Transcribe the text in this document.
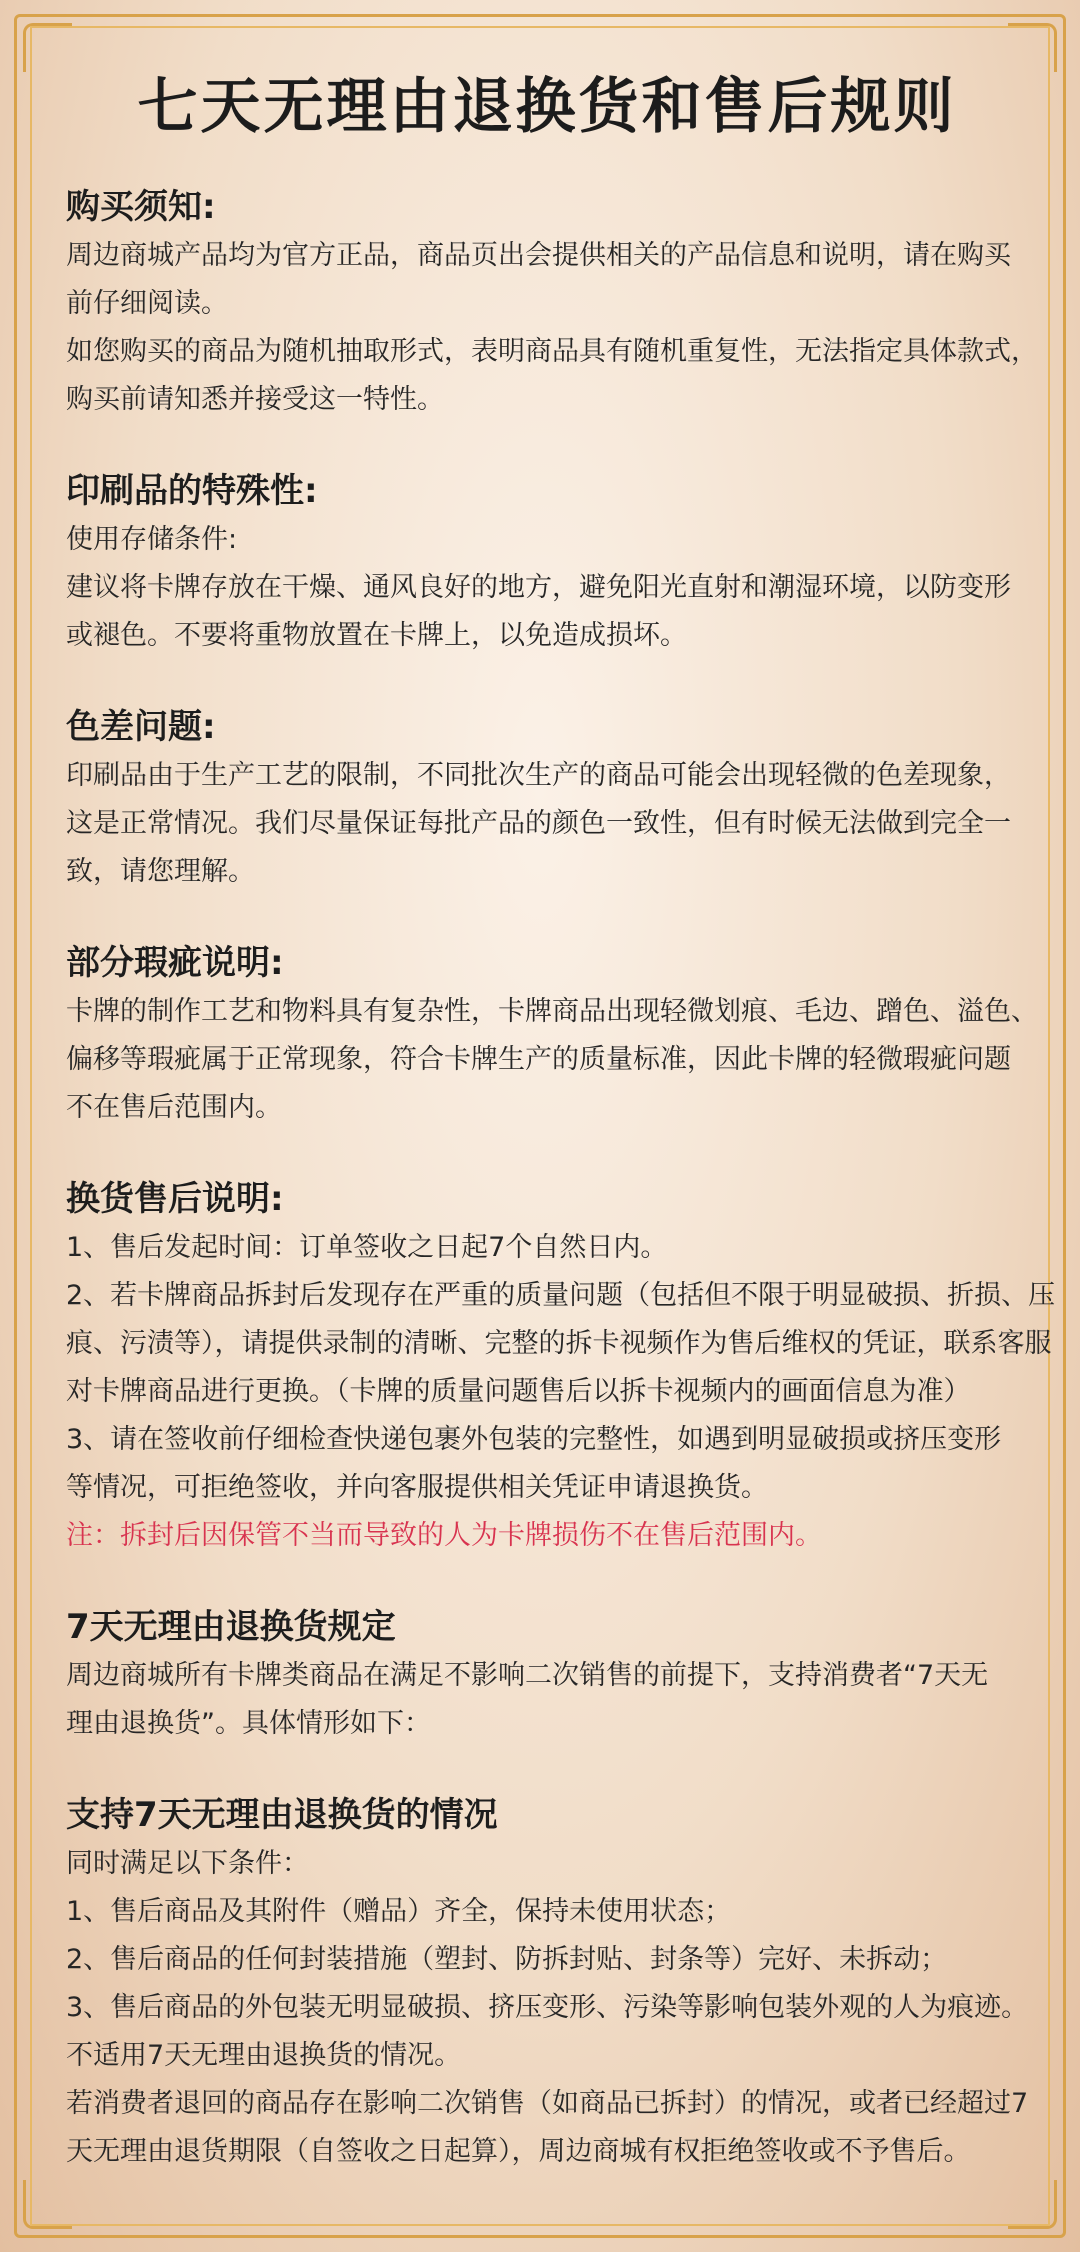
七天无理由退换货和售后规则
购买须知:
周边商城产品均为官方正品，商品页出会提供相关的产品信息和说明，请在购买
前仔细阅读。
如您购买的商品为随机抽取形式，表明商品具有随机重复性，无法指定具体款式，
购买前请知悉并接受这一特性。
印刷品的特殊性:
使用存储条件:
建议将卡牌存放在干燥、通风良好的地方，避免阳光直射和潮湿环境，以防变形
或褪色。不要将重物放置在卡牌上，以免造成损坏。
色差问题:
印刷品由于生产工艺的限制，不同批次生产的商品可能会出现轻微的色差现象，
这是正常情况。我们尽量保证每批产品的颜色一致性，但有时候无法做到完全一
致，请您理解。
部分瑕疵说明:
卡牌的制作工艺和物料具有复杂性，卡牌商品出现轻微划痕、毛边、蹭色、溢色、
偏移等瑕疵属于正常现象，符合卡牌生产的质量标准，因此卡牌的轻微瑕疵问题
不在售后范围内。
换货售后说明:
1、售后发起时间：订单签收之日起7个自然日内。
2、若卡牌商品拆封后发现存在严重的质量问题（包括但不限于明显破损、折损、压
痕、污渍等），请提供录制的清晰、完整的拆卡视频作为售后维权的凭证，联系客服
对卡牌商品进行更换。（卡牌的质量问题售后以拆卡视频内的画面信息为准）
3、请在签收前仔细检查快递包裹外包装的完整性，如遇到明显破损或挤压变形
等情况，可拒绝签收，并向客服提供相关凭证申请退换货。
注：拆封后因保管不当而导致的人为卡牌损伤不在售后范围内。
7天无理由退换货规定
周边商城所有卡牌类商品在满足不影响二次销售的前提下，支持消费者“7天无
理由退换货”。具体情形如下：
支持7天无理由退换货的情况
同时满足以下条件：
1、售后商品及其附件（赠品）齐全，保持未使用状态；
2、售后商品的任何封装措施（塑封、防拆封贴、封条等）完好、未拆动；
3、售后商品的外包装无明显破损、挤压变形、污染等影响包装外观的人为痕迹。
不适用7天无理由退换货的情况。
若消费者退回的商品存在影响二次销售（如商品已拆封）的情况，或者已经超过7
天无理由退货期限（自签收之日起算），周边商城有权拒绝签收或不予售后。
